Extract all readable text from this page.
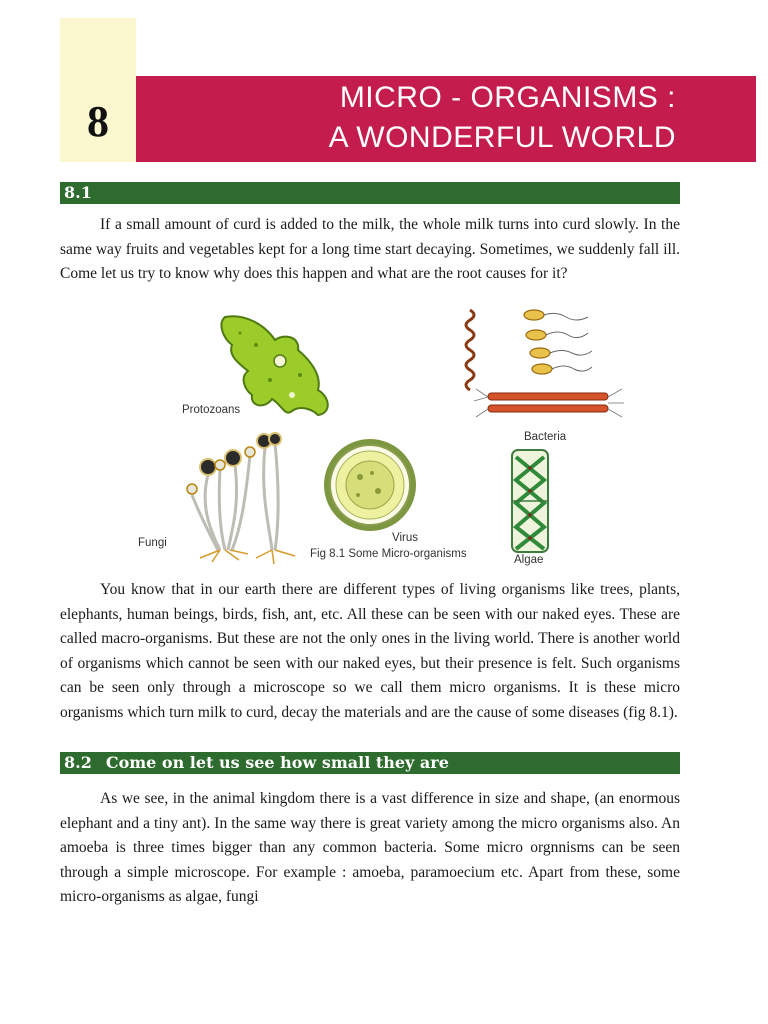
8	MICRO - ORGANISMS :
A WONDERFUL WORLD
8.1

If a small amount of curd is added to the milk, the whole milk turns into curd slowly. In the same way fruits and vegetables kept for a long time start decaying. Sometimes, we suddenly fall ill. Come let us try to know why does this happen and what are the root causes for it?

Protozoans
Bacteria
Fungi	Virus
Algae
Fig 8.1 Some Micro-organisms

You know that in our earth there are different types of living organisms like trees, plants, elephants, human beings, birds, fish, ant, etc. All these can be seen with our naked eyes. These are called macro-organisms. But these are not the only ones in the living world. There is another world of organisms which cannot be seen with our naked eyes, but their presence is felt. Such organisms can be seen only through a microscope so we call them micro organisms. It is these micro organisms which turn milk to curd, decay the materials and are the cause of some diseases (fig 8.1).

8.2 Come on let us see how small they are

As we see, in the animal kingdom there is a vast difference in size and shape, (an enormous elephant and a tiny ant). In the same way there is great variety among the micro organisms also. An amoeba is three times bigger than any common bacteria. Some micro orgnnisms can be seen through a simple microscope. For example : amoeba, paramoecium etc. Apart from these, some micro-organisms as algae, fungi
